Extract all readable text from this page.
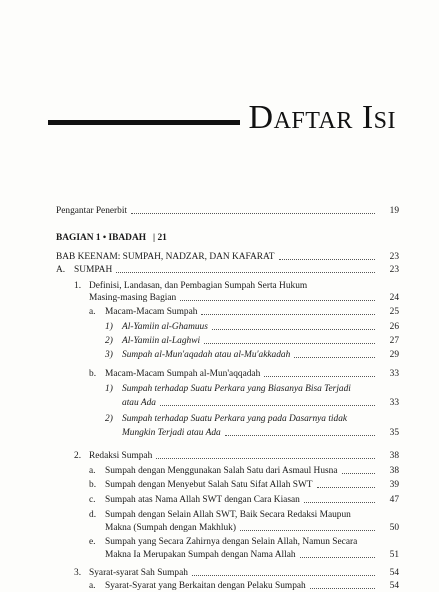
Daftar Isi
Pengantar Penerbit	19
BAGIAN 1 • IBADAH   | 21
BAB KEENAM: SUMPAH, NADZAR, DAN KAFARAT	23
A. SUMPAH	23
1. Definisi, Landasan, dan Pembagian Sumpah Serta Hukum
Masing-masing Bagian	24
a. Macam-Macam Sumpah	25
1) Al-Yamiin al-Ghamuus	26
2) Al-Yamiin al-Laghwi	27
3) Sumpah al-Mun'aqadah atau al-Mu'akkadah	29
b. Macam-Macam Sumpah al-Mun'aqqadah	33
1) Sumpah terhadap Suatu Perkara yang Biasanya Bisa Terjadi
atau Ada	33
2) Sumpah terhadap Suatu Perkara yang pada Dasarnya tidak
Mungkin Terjadi atau Ada	35
2. Redaksi Sumpah	38
a. Sumpah dengan Menggunakan Salah Satu dari Asmaul Husna	38
b. Sumpah dengan Menyebut Salah Satu Sifat Allah SWT	39
c. Sumpah atas Nama Allah SWT dengan Cara Kiasan	47
d. Sumpah dengan Selain Allah SWT, Baik Secara Redaksi Maupun
Makna (Sumpah dengan Makhluk)	50
e. Sumpah yang Secara Zahirnya dengan Selain Allah, Namun Secara
Makna Ia Merupakan Sumpah dengan Nama Allah	51
3. Syarat-syarat Sah Sumpah	54
a. Syarat-Syarat yang Berkaitan dengan Pelaku Sumpah	54
